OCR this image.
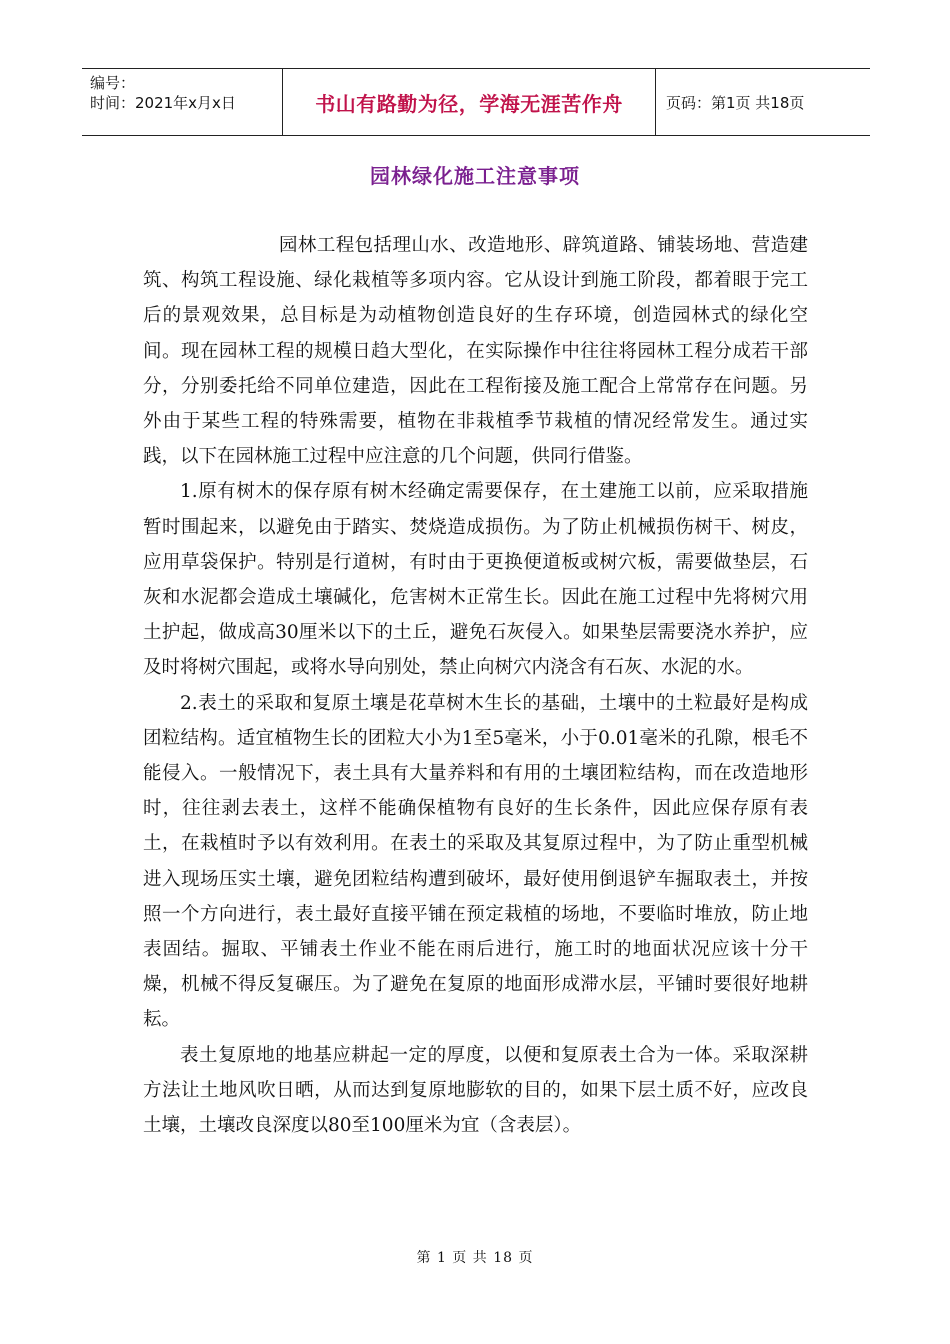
编号：
时间：2021年x月x日	书山有路勤为径，学海无涯苦作舟	页码：第1页 共18页
园林绿化施工注意事项

园林工程包括理山水、改造地形、辟筑道路、铺装场地、营造建筑、构筑工程设施、绿化栽植等多项内容。它从设计到施工阶段，都着眼于完工后的景观效果，总目标是为动植物创造良好的生存环境，创造园林式的绿化空间。现在园林工程的规模日趋大型化，在实际操作中往往将园林工程分成若干部分，分别委托给不同单位建造，因此在工程衔接及施工配合上常常存在问题。另外由于某些工程的特殊需要，植物在非栽植季节栽植的情况经常发生。通过实践，以下在园林施工过程中应注意的几个问题，供同行借鉴。

1.原有树木的保存原有树木经确定需要保存，在土建施工以前，应采取措施暂时围起来，以避免由于踏实、焚烧造成损伤。为了防止机械损伤树干、树皮，应用草袋保护。特别是行道树，有时由于更换便道板或树穴板，需要做垫层，石灰和水泥都会造成土壤碱化，危害树木正常生长。因此在施工过程中先将树穴用土护起，做成高30厘米以下的土丘，避免石灰侵入。如果垫层需要浇水养护，应及时将树穴围起，或将水导向别处，禁止向树穴内浇含有石灰、水泥的水。

2.表土的采取和复原土壤是花草树木生长的基础，土壤中的土粒最好是构成团粒结构。适宜植物生长的团粒大小为1至5毫米，小于0.01毫米的孔隙，根毛不能侵入。一般情况下，表土具有大量养料和有用的土壤团粒结构，而在改造地形时，往往剥去表土，这样不能确保植物有良好的生长条件，因此应保存原有表土，在栽植时予以有效利用。在表土的采取及其复原过程中，为了防止重型机械进入现场压实土壤，避免团粒结构遭到破坏，最好使用倒退铲车掘取表土，并按照一个方向进行，表土最好直接平铺在预定栽植的场地，不要临时堆放，防止地表固结。掘取、平铺表土作业不能在雨后进行，施工时的地面状况应该十分干燥，机械不得反复碾压。为了避免在复原的地面形成滞水层，平铺时要很好地耕耘。

表土复原地的地基应耕起一定的厚度，以便和复原表土合为一体。采取深耕方法让土地风吹日晒，从而达到复原地膨软的目的，如果下层土质不好，应改良土壤，土壤改良深度以80至100厘米为宜（含表层）。

第 1 页 共 18 页
